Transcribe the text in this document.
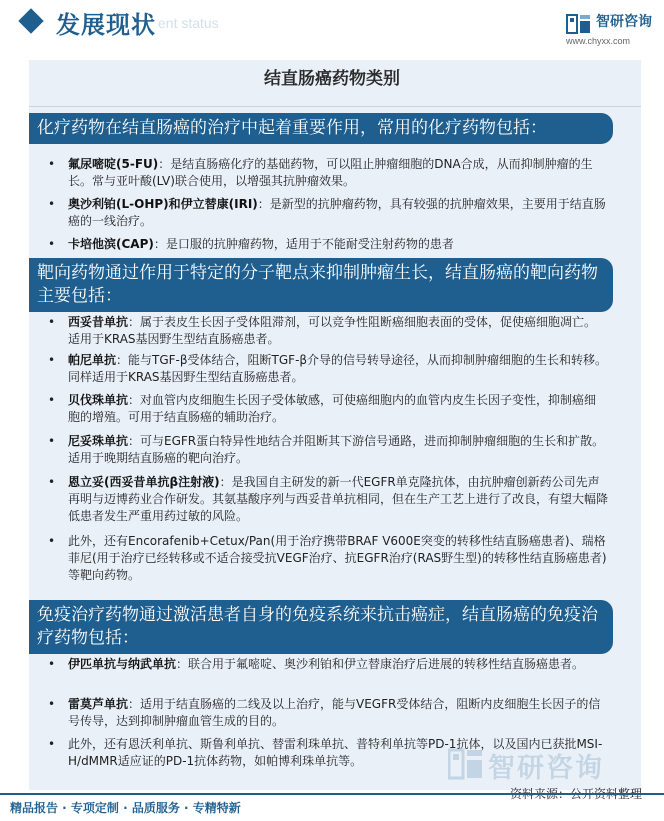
发展现状 ent status	智研咨询
www.chyxx.com
结直肠癌药物类别
化疗药物在结直肠癌的治疗中起着重要作用，常用的化疗药物包括：
• 氟尿嘧啶(5-FU)：是结直肠癌化疗的基础药物，可以阻止肿瘤细胞的DNA合成，从而抑制肿瘤的生长。常与亚叶酸(LV)联合使用，以增强其抗肿瘤效果。
• 奥沙利铂(L-OHP)和伊立替康(IRI)：是新型的抗肿瘤药物，具有较强的抗肿瘤效果，主要用于结直肠癌的一线治疗。
• 卡培他滨(CAP)：是口服的抗肿瘤药物，适用于不能耐受注射药物的患者
靶向药物通过作用于特定的分子靶点来抑制肿瘤生长，结直肠癌的靶向药物主要包括：
• 西妥昔单抗：属于表皮生长因子受体阻滞剂，可以竞争性阻断癌细胞表面的受体，促使癌细胞凋亡。适用于KRAS基因野生型结直肠癌患者。
• 帕尼单抗：能与TGF-β受体结合，阻断TGF-β介导的信号转导途径，从而抑制肿瘤细胞的生长和转移。同样适用于KRAS基因野生型结直肠癌患者。
• 贝伐珠单抗：对血管内皮细胞生长因子受体敏感，可使癌细胞内的血管内皮生长因子变性，抑制癌细胞的增殖。可用于结直肠癌的辅助治疗。
• 尼妥珠单抗：可与EGFR蛋白特异性地结合并阻断其下游信号通路，进而抑制肿瘤细胞的生长和扩散。适用于晚期结直肠癌的靶向治疗。
• 恩立妥(西妥昔单抗β注射液)：是我国自主研发的新一代EGFR单克隆抗体，由抗肿瘤创新药公司先声再明与迈博药业合作研发。其氨基酸序列与西妥昔单抗相同，但在生产工艺上进行了改良，有望大幅降低患者发生严重用药过敏的风险。
• 此外，还有Encorafenib+Cetux/Pan(用于治疗携带BRAF V600E突变的转移性结直肠癌患者)、瑞格菲尼(用于治疗已经转移或不适合接受抗VEGF治疗、抗EGFR治疗(RAS野生型)的转移性结直肠癌患者)等靶向药物。
免疫治疗药物通过激活患者自身的免疫系统来抗击癌症，结直肠癌的免疫治疗药物包括：
• 伊匹单抗与纳武单抗：联合用于氟嘧啶、奥沙利铂和伊立替康治疗后进展的转移性结直肠癌患者。
• 雷莫芦单抗：适用于结直肠癌的二线及以上治疗，能与VEGFR受体结合，阻断内皮细胞生长因子的信号传导，达到抑制肿瘤血管生成的目的。
• 此外，还有恩沃利单抗、斯鲁利单抗、替雷利珠单抗、普特利单抗等PD-1抗体，以及国内已获批MSI-H/dMMR适应证的PD-1抗体药物，如帕博利珠单抗等。	智研咨询
精品报告 · 专项定制 · 品质服务 · 专精特新
